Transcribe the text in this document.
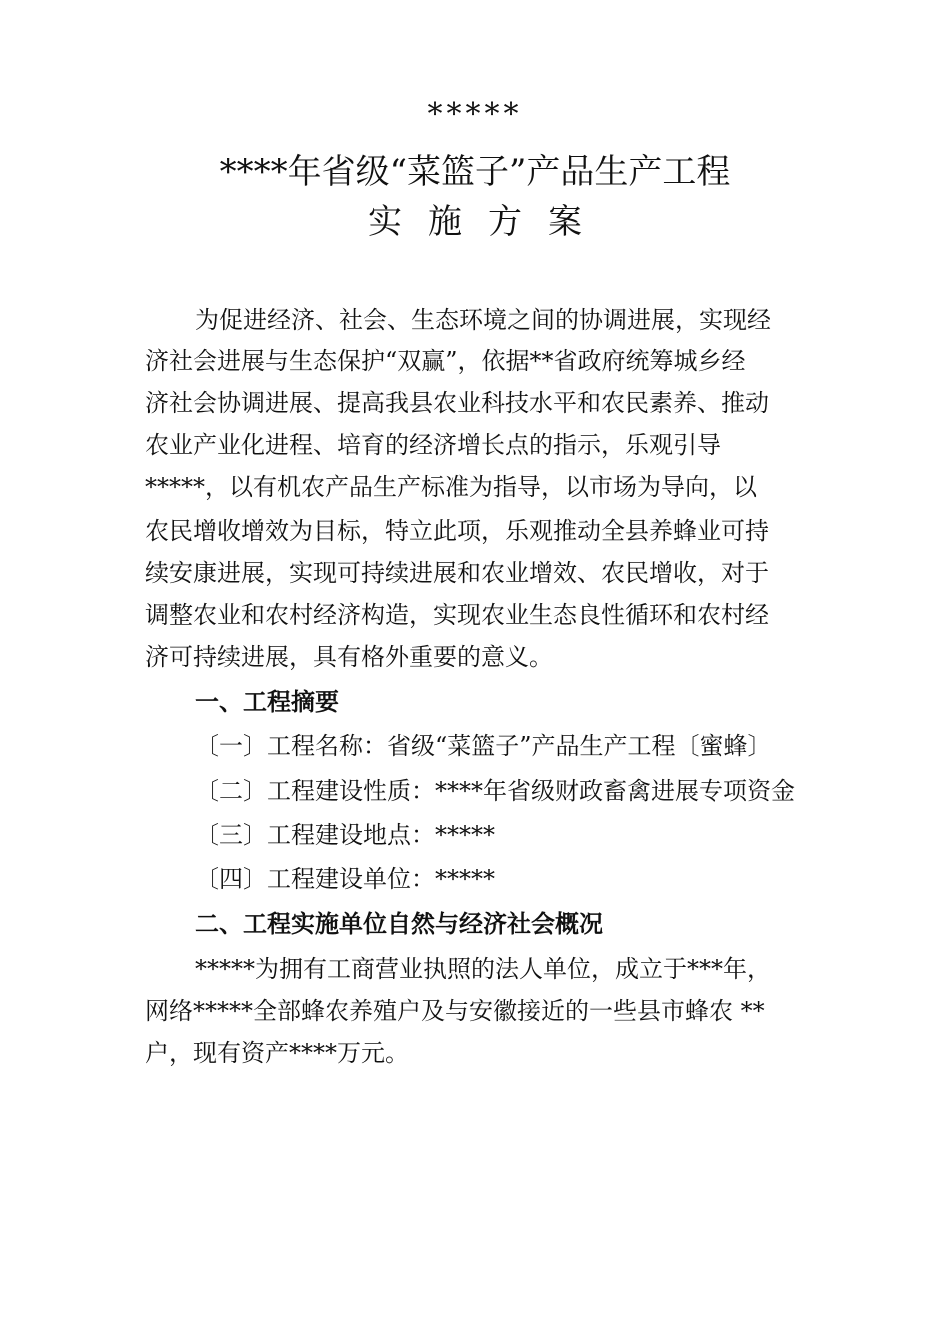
*****
****年省级“菜篮子”产品生产工程
实施方案
为促进经济、社会、生态环境之间的协调进展，实现经
济社会进展与生态保护“双赢”，依据**省政府统筹城乡经
济社会协调进展、提高我县农业科技水平和农民素养、推动
农业产业化进程、培育的经济增长点的指示，乐观引导
*****，以有机农产品生产标准为指导，以市场为导向，以
农民增收增效为目标，特立此项，乐观推动全县养蜂业可持
续安康进展，实现可持续进展和农业增效、农民增收，对于
调整农业和农村经济构造，实现农业生态良性循环和农村经
济可持续进展，具有格外重要的意义。
一、工程摘要
〔一〕工程名称：省级“菜篮子”产品生产工程〔蜜蜂〕
〔二〕工程建设性质：****年省级财政畜禽进展专项资金
〔三〕工程建设地点：*****
〔四〕工程建设单位：*****
二、工程实施单位自然与经济社会概况
*****为拥有工商营业执照的法人单位，成立于***年，
网络*****全部蜂农养殖户及与安徽接近的一些县市蜂农 **
户，现有资产****万元。
